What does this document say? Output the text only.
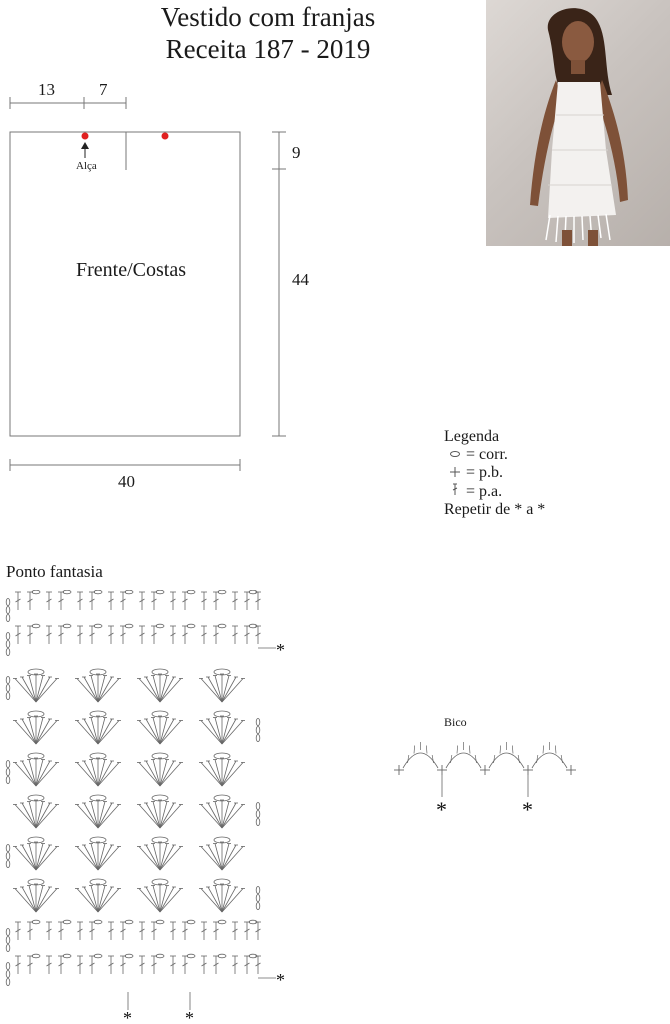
Vestido com franjas
Receita 187 - 2019
13	7
Alça
Frente/Costas
9
44
40
Legenda
= corr.
= p.b.
= p.a.
Repetir de * a *
Ponto fantasia
*
*
*	*
Bico
*	*
